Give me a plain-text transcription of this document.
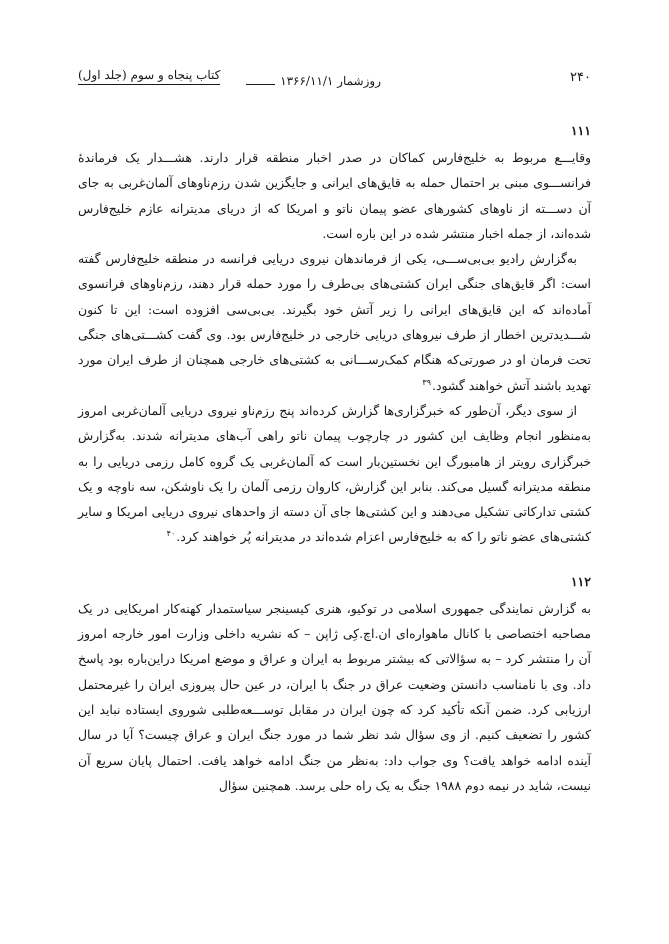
۲۴۰
روزشمار ۱۳۶۶/۱۱/۱
کتاب پنجاه و سوم (جلد اول)
۱۱۱

وقایـــع مربوط به خلیج‌فارس کماکان در صدر اخبار منطقه قرار دارند. هشـــدار یک فرماندهٔ فرانســـوی مبنی بر احتمال حمله به قایق‌های ایرانی و جایگزین شدن رزم‌ناوهای آلمان‌غربی به جای آن دســـته از ناوهای کشورهای عضو پیمان ناتو و امریکا که از دریای مدیترانه عازم خلیج‌فارس شده‌اند، از جمله اخبار منتشر شده در این باره است.

به‌گزارش رادیو بی‌بی‌ســـی، یکی از فرماندهان نیروی دریایی فرانسه در منطقه خلیج‌فارس گفته است: اگر قایق‌های جنگی ایران کشتی‌های بی‌طرف را مورد حمله قرار دهند، رزم‌ناوهای فرانسوی آماده‌اند که این قایق‌های ایرانی را زیر آتش خود بگیرند. بی‌بی‌سی افزوده است: این تا کنون شـــدیدترین اخطار از طرف نیروهای دریایی خارجی در خلیج‌فارس بود. وی گفت کشـــتی‌های جنگی تحت فرمان او در صورتی‌که هنگام کمک‌رســـانی به کشتی‌های خارجی همچنان از طرف ایران مورد تهدید باشند آتش خواهند گشود.$^{۳۹}$

از سوی دیگر، آن‌طور که خبرگزاری‌ها گزارش کرده‌اند پنج رزم‌ناو نیروی دریایی آلمان‌غربی امروز به‌منظور انجام وظایف این کشور در چارچوب پیمان ناتو راهی آب‌های مدیترانه شدند. به‌گزارش خبرگزاری رویتر از هامبورگ این نخستین‌بار است که آلمان‌غربی یک گروه کامل رزمی دریایی را به منطقه مدیترانه گسیل می‌کند. بنابر این گزارش، کاروان رزمی آلمان را یک ناوشکن، سه ناوچه و یک کشتی تدارکاتی تشکیل می‌دهند و این کشتی‌ها جای آن دسته از واحدهای نیروی دریایی امریکا و سایر کشتی‌های عضو ناتو را که به خلیج‌فارس اعزام شده‌اند در مدیترانه پُر خواهند کرد.$^{۴۰}$

۱۱۲

به گزارش نمایندگی جمهوری اسلامی در توکیو، هنری کیسینجر سیاستمدار کهنه‌کار امریکایی در یک مصاحبه اختصاصی با کانال ماهواره‌ای ان.اچ.کِی ژاپن – که نشریه داخلی وزارت امور خارجه امروز آن را منتشر کرد – به سؤالاتی که بیشتر مربوط به ایران و عراق و موضع امریکا دراین‌باره بود پاسخ داد. وی با نامناسب دانستن وضعیت عراق در جنگ با ایران، در عین حال پیروزی ایران را غیرمحتمل ارزیابی کرد. ضمن آنکه تأکید کرد که چون ایران در مقابل توســـعه‌طلبی شوروی ایستاده نباید این کشور را تضعیف کنیم. از وی سؤال شد نظر شما در مورد جنگ ایران و عراق چیست؟ آیا در سال آینده ادامه خواهد یافت؟ وی جواب داد: به‌نظر من جنگ ادامه خواهد یافت. احتمال پایان سریع آن نیست، شاید در نیمه دوم ۱۹۸۸ جنگ به یک راه حلی برسد. همچنین سؤال
